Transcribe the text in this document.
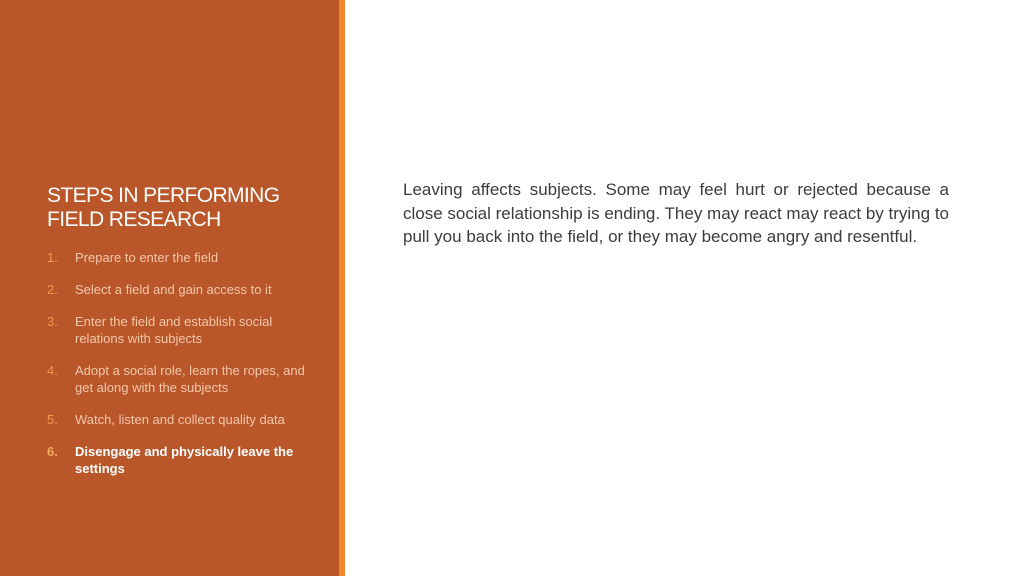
STEPS IN PERFORMING
FIELD RESEARCH
1. Prepare to enter the field
2. Select a field and gain access to it
3. Enter the field and establish social relations with subjects
4. Adopt a social role, learn the ropes, and get along with the subjects
5. Watch, listen and collect quality data
6. Disengage and physically leave the settings

Leaving affects subjects. Some may feel hurt or rejected because a close social relationship is ending. They may react may react by trying to pull you back into the field, or they may become angry and resentful.
